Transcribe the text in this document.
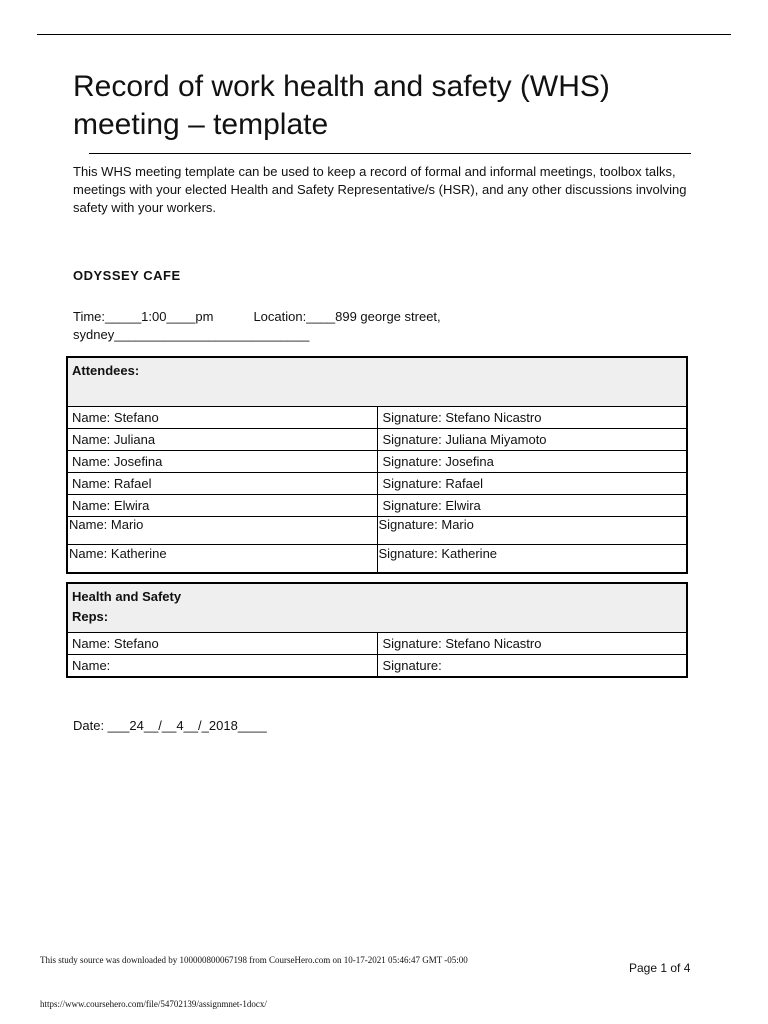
Record of work health and safety (WHS) meeting – template

This WHS meeting template can be used to keep a record of formal and informal meetings, toolbox talks, meetings with your elected Health and Safety Representative/s (HSR), and any other discussions involving safety with your workers.

ODYSSEY CAFE
Time:_____1:00____pm	Location:____899 george street, sydney___________________________
Attendees:	

Name: Stefano	Signature: Stefano Nicastro
Name: Juliana	Signature: Juliana Miyamoto
Name: Josefina	Signature: Josefina
Name: Rafael	Signature: Rafael
Name: Elwira	Signature: Elwira
Name: Mario	Signature: Mario
Name: Katherine	Signature: Katherine
Health and Safety Reps:	

Name: Stefano	Signature: Stefano Nicastro
Name:	Signature:
Date: ___24__/__4__/_2018____
This study source was downloaded by 100000800067198 from CourseHero.com on 10-17-2021 05:46:47 GMT -05:00
Page 1 of 4
https://www.coursehero.com/file/54702139/assignmnet-1docx/
